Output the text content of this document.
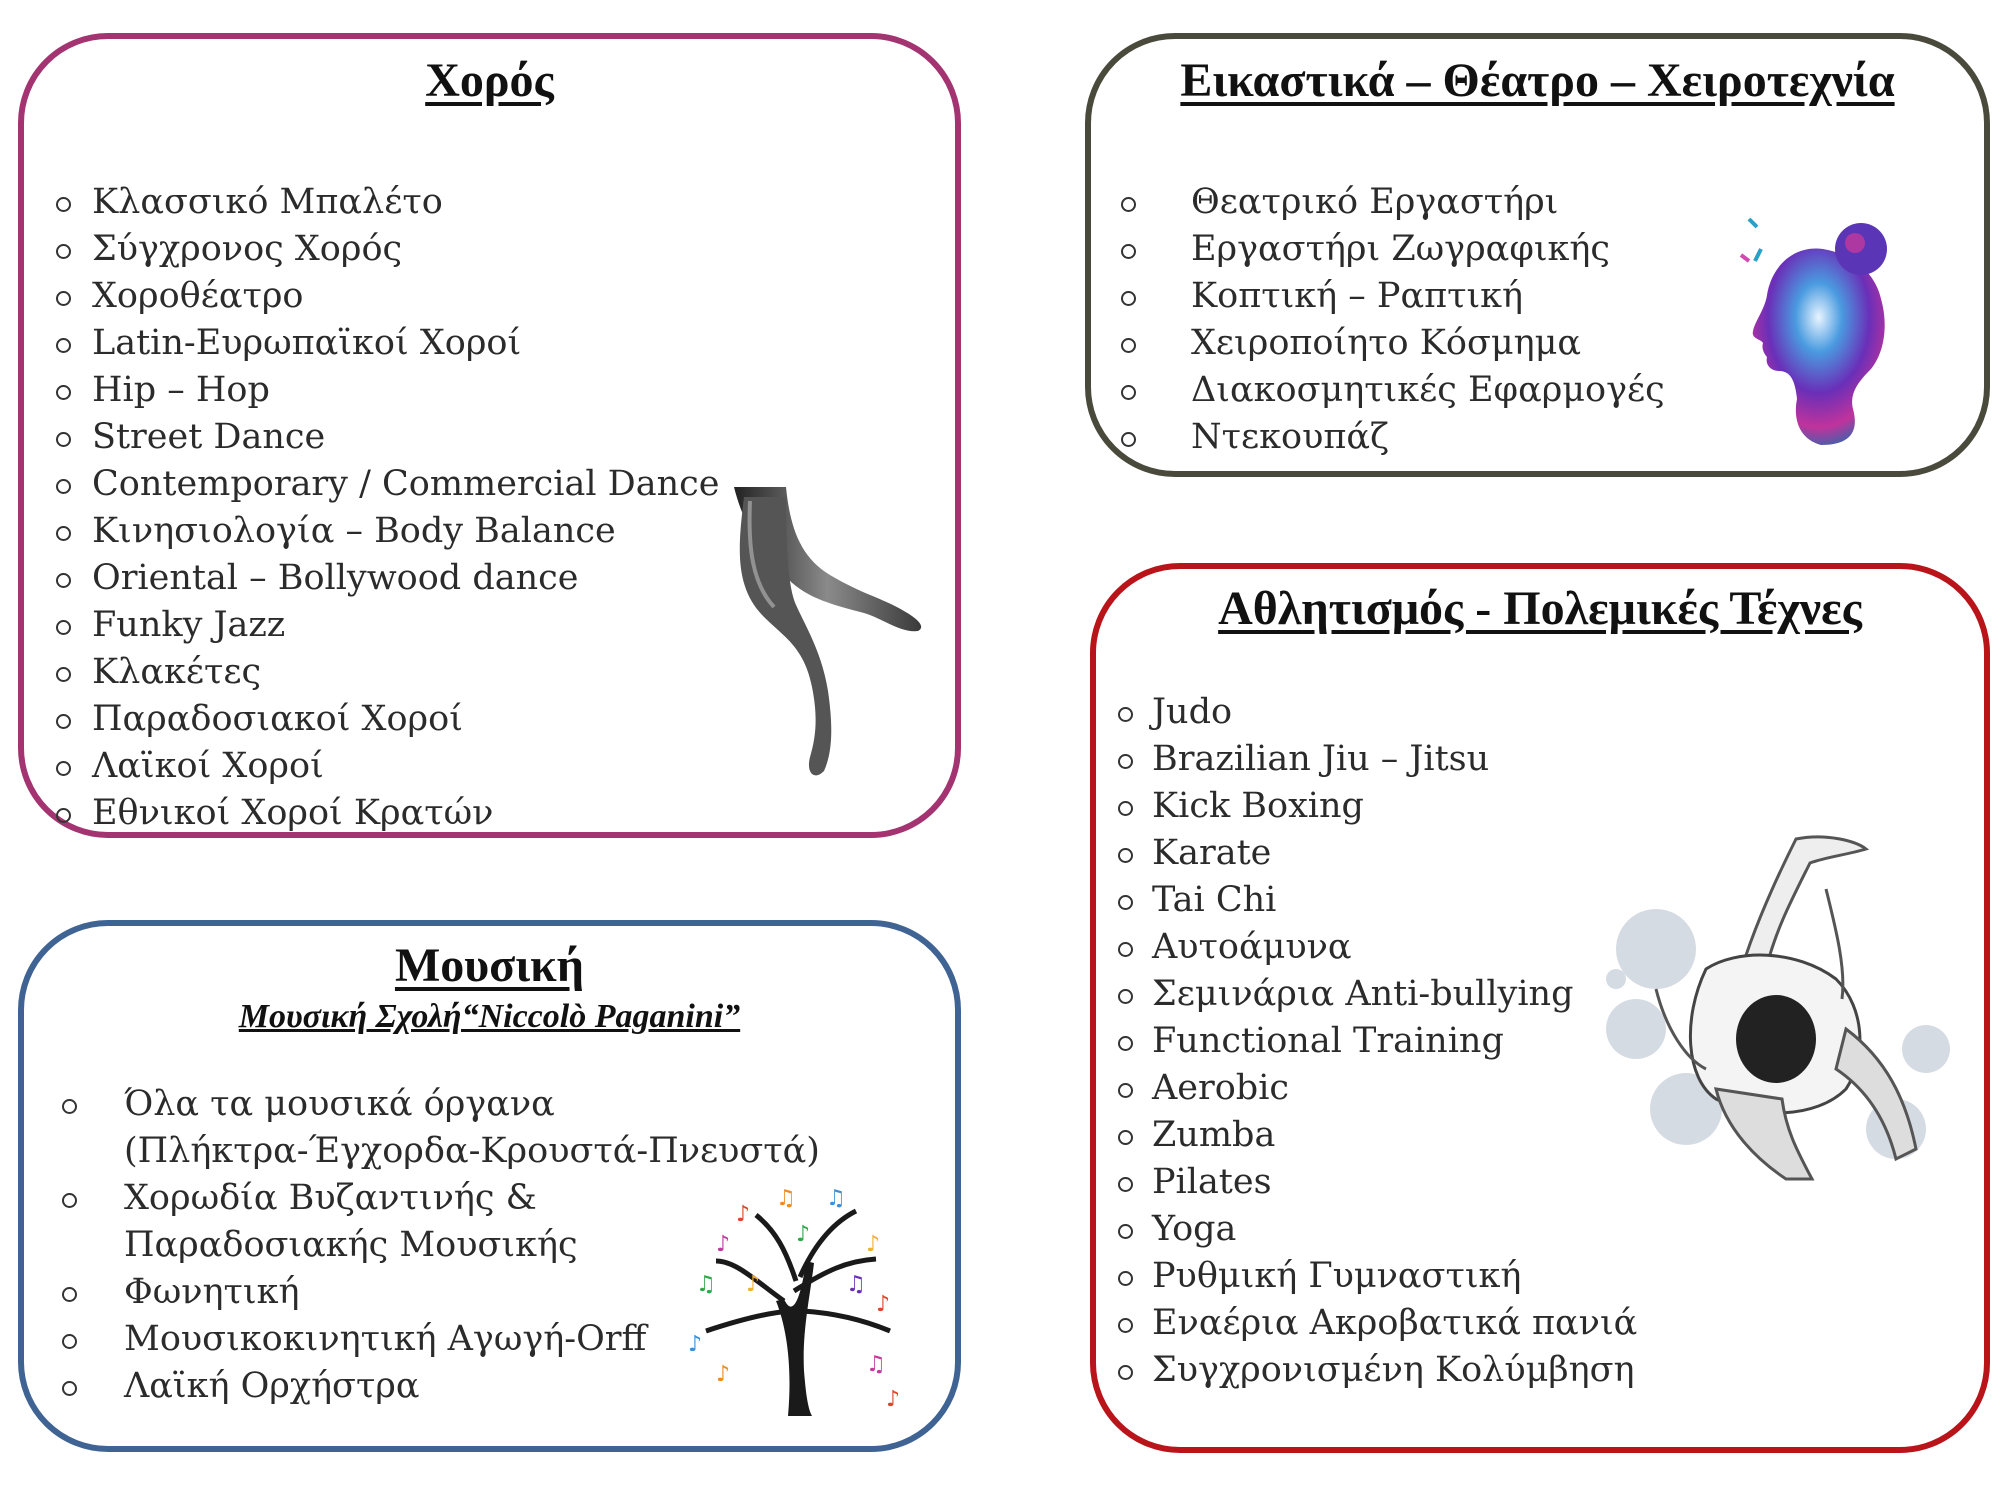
Χορός
Κλασσικό Μπαλέτο
Σύγχρονος Χορός
Χοροθέατρο
Latin-Ευρωπαϊκοί Χοροί
Hip – Hop
Street Dance
Contemporary / Commercial Dance
Κινησιολογία – Body Balance
Oriental – Bollywood dance
Funky Jazz
Κλακέτες
Παραδοσιακοί Χοροί
Λαϊκοί Χοροί
Εθνικοί Χοροί Κρατών
Εικαστικά – Θέατρο – Χειροτεχνία
Θεατρικό Εργαστήρι
Εργαστήρι Ζωγραφικής
Κοπτική – Ραπτική
Χειροποίητο Κόσμημα
Διακοσμητικές Εφαρμογές
Ντεκουπάζ
Μουσική
Μουσική Σχολή“Niccolò Paganini”
Όλα τα μουσικά όργανα
(Πλήκτρα-Έγχορδα-Κρουστά-Πνευστά)
Χορωδία Βυζαντινής &
Παραδοσιακής Μουσικής
Φωνητική
Μουσικοκινητική Αγωγή-Orff
Λαϊκή Ορχήστρα
♪
♫
♪
♫
♪
♫
♪
♪
♫
♪
♪
♫
♪
♪
Αθλητισμός - Πολεμικές Τέχνες
Judo
Brazilian Jiu – Jitsu
Kick Boxing
Karate
Tai Chi
Αυτοάμυνα
Σεμινάρια Anti-bullying
Functional Training
Aerobic
Zumba
Pilates
Yoga
Ρυθμική Γυμναστική
Εναέρια Ακροβατικά πανιά
Συγχρονισμένη Κολύμβηση
